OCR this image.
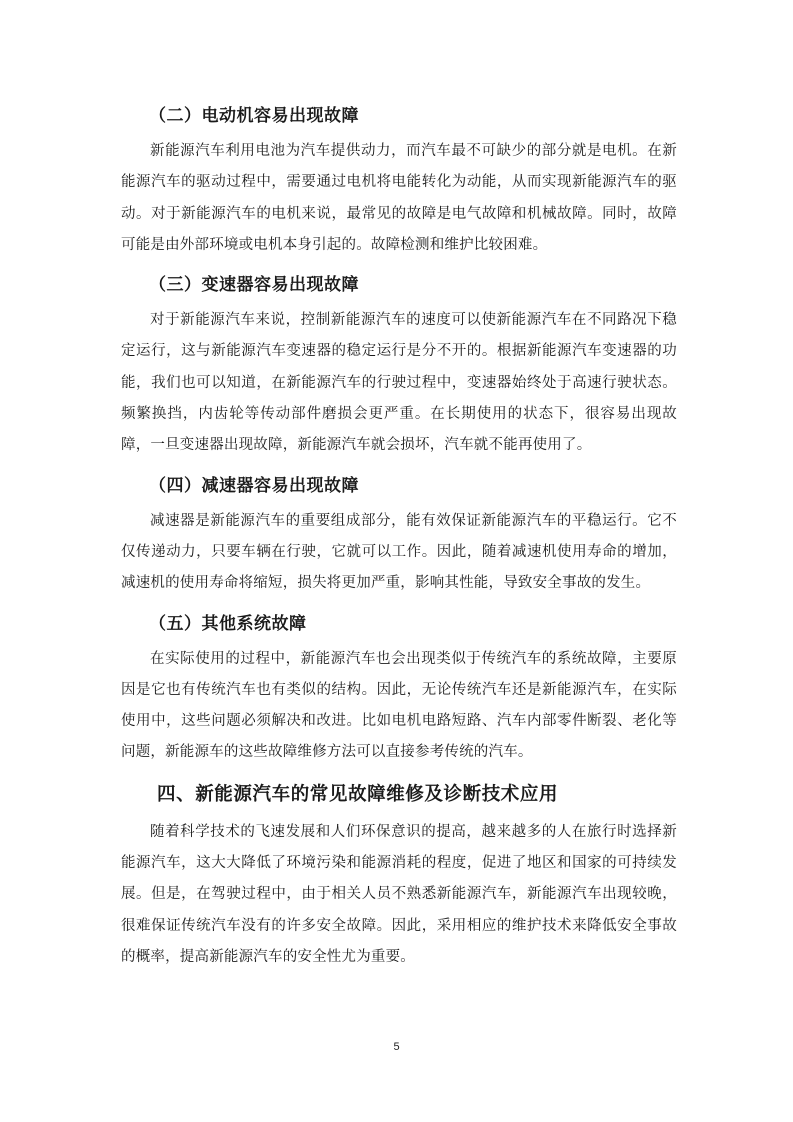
（二）电动机容易出现故障

新能源汽车利用电池为汽车提供动力，而汽车最不可缺少的部分就是电机。在新能源汽车的驱动过程中，需要通过电机将电能转化为动能，从而实现新能源汽车的驱动。对于新能源汽车的电机来说，最常见的故障是电气故障和机械故障。同时，故障可能是由外部环境或电机本身引起的。故障检测和维护比较困难。

（三）变速器容易出现故障

对于新能源汽车来说，控制新能源汽车的速度可以使新能源汽车在不同路况下稳定运行，这与新能源汽车变速器的稳定运行是分不开的。根据新能源汽车变速器的功能，我们也可以知道，在新能源汽车的行驶过程中，变速器始终处于高速行驶状态。频繁换挡，内齿轮等传动部件磨损会更严重。在长期使用的状态下，很容易出现故障，一旦变速器出现故障，新能源汽车就会损坏，汽车就不能再使用了。

（四）减速器容易出现故障

减速器是新能源汽车的重要组成部分，能有效保证新能源汽车的平稳运行。它不仅传递动力，只要车辆在行驶，它就可以工作。因此，随着减速机使用寿命的增加，减速机的使用寿命将缩短，损失将更加严重，影响其性能，导致安全事故的发生。

（五）其他系统故障

在实际使用的过程中，新能源汽车也会出现类似于传统汽车的系统故障，主要原因是它也有传统汽车也有类似的结构。因此，无论传统汽车还是新能源汽车，在实际使用中，这些问题必须解决和改进。比如电机电路短路、汽车内部零件断裂、老化等问题，新能源车的这些故障维修方法可以直接参考传统的汽车。

四、新能源汽车的常见故障维修及诊断技术应用

随着科学技术的飞速发展和人们环保意识的提高，越来越多的人在旅行时选择新能源汽车，这大大降低了环境污染和能源消耗的程度，促进了地区和国家的可持续发展。但是，在驾驶过程中，由于相关人员不熟悉新能源汽车，新能源汽车出现较晚，很难保证传统汽车没有的许多安全故障。因此，采用相应的维护技术来降低安全事故的概率，提高新能源汽车的安全性尤为重要。

5
